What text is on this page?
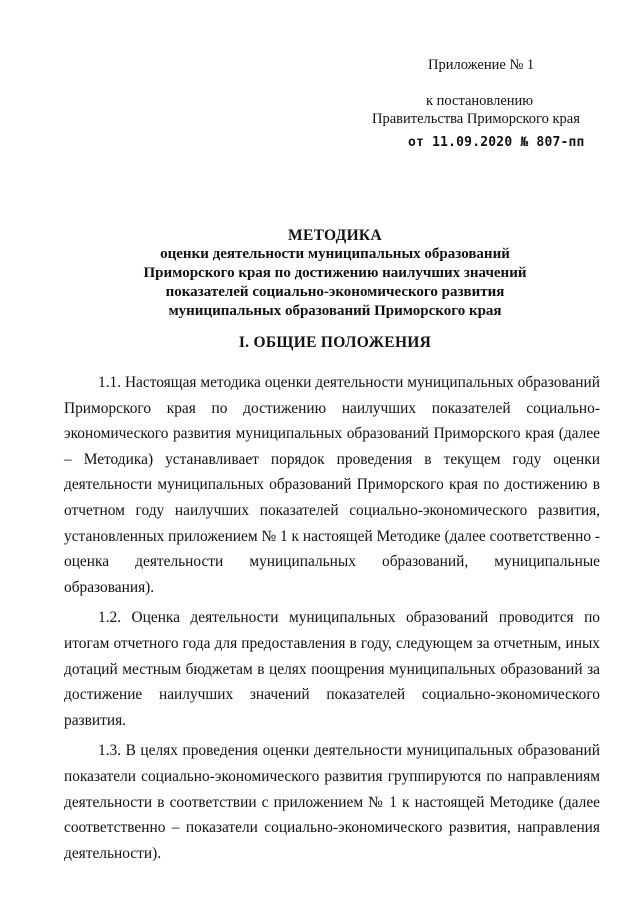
Приложение № 1
к постановлению
Правительства Приморского края
от 11.09.2020 № 807-пп
МЕТОДИКА
оценки деятельности муниципальных образований
Приморского края по достижению наилучших значений
показателей социально-экономического развития
муниципальных образований Приморского края
I. ОБЩИЕ ПОЛОЖЕНИЯ

1.1. Настоящая методика оценки деятельности муниципальных образований Приморского края по достижению наилучших показателей социально-экономического развития муниципальных образований Приморского края (далее – Методика) устанавливает порядок проведения в текущем году оценки деятельности муниципальных образований Приморского края по достижению в отчетном году наилучших показателей социально-экономического развития, установленных приложением № 1 к настоящей Методике (далее соответственно - оценка деятельности муниципальных образований, муниципальные образования).

1.2. Оценка деятельности муниципальных образований проводится по итогам отчетного года для предоставления в году, следующем за отчетным, иных дотаций местным бюджетам в целях поощрения муниципальных образований за достижение наилучших значений показателей социально-экономического развития.

1.3. В целях проведения оценки деятельности муниципальных образований показатели социально-экономического развития группируются по направлениям деятельности в соответствии с приложением № 1 к настоящей Методике (далее соответственно – показатели социально-экономического развития, направления деятельности).
